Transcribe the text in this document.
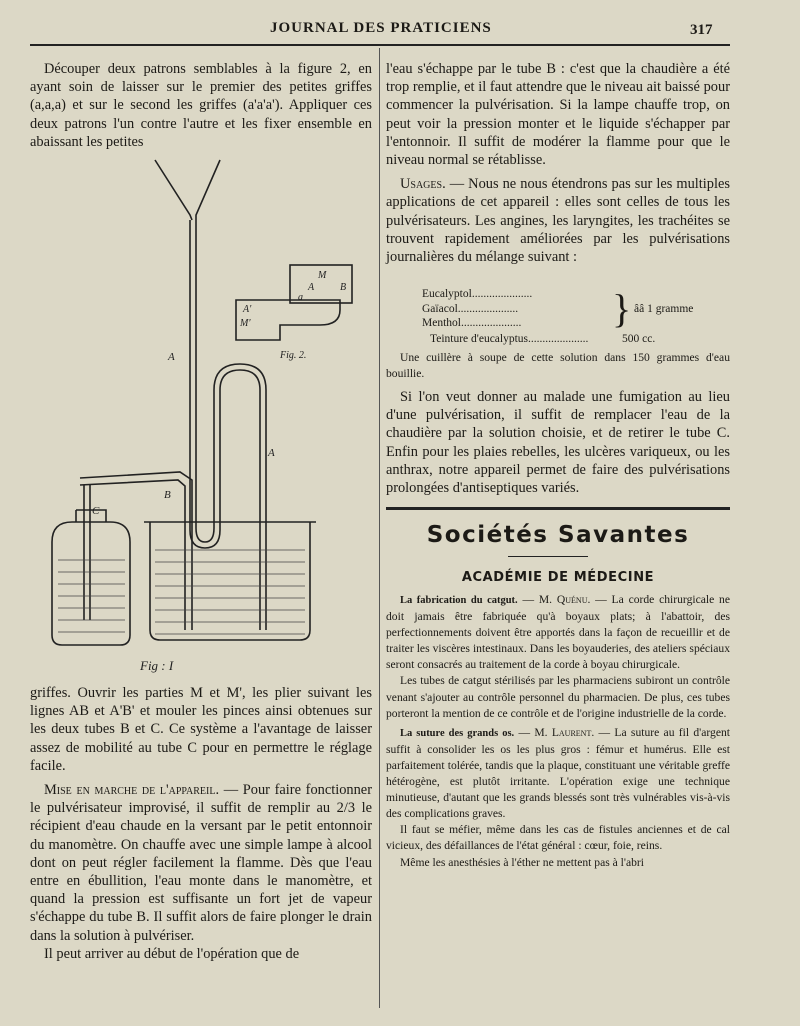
JOURNAL DES PRATICIENS	317

Découper deux patrons semblables à la figure 2, en ayant soin de laisser sur le premier des petites griffes (a,a,a) et sur le second les griffes (a'a'a'). Appliquer ces deux patrons l'un contre l'autre et les fixer ensemble en abaissant les petites

M
A	B
a
A'
M'
Fig. 2.
A
A
B
C
Fig : I

griffes. Ouvrir les parties M et M', les plier suivant les lignes AB et A'B' et mouler les pinces ainsi obtenues sur les deux tubes B et C. Ce système a l'avantage de laisser assez de mobilité au tube C pour en permettre le réglage facile.

Mise en marche de l'appareil. — Pour faire fonctionner le pulvérisateur improvisé, il suffit de remplir au 2/3 le récipient d'eau chaude en la versant par le petit entonnoir du manomètre. On chauffe avec une simple lampe à alcool dont on peut régler facilement la flamme. Dès que l'eau entre en ébullition, l'eau monte dans le manomètre, et quand la pression est suffisante un fort jet de vapeur s'échappe du tube B. Il suffit alors de faire plonger le drain dans la solution à pulvériser.

Il peut arriver au début de l'opération que de

l'eau s'échappe par le tube B : c'est que la chaudière a été trop remplie, et il faut attendre que le niveau ait baissé pour commencer la pulvérisation. Si la lampe chauffe trop, on peut voir la pression monter et le liquide s'échapper par l'entonnoir. Il suffit de modérer la flamme pour que le niveau normal se rétablisse.

Usages. — Nous ne nous étendrons pas sur les multiples applications de cet appareil : elles sont celles de tous les pulvérisateurs. Les angines, les laryngites, les trachéites se trouvent rapidement améliorées par les pulvérisations journalières du mélange suivant :

Eucalyptol.....................
Gaïacol.....................
Menthol..................... } ââ 1 gramme
Teinture d'eucalyptus.....................	500 cc.

Une cuillère à soupe de cette solution dans 150 grammes d'eau bouillie.

Si l'on veut donner au malade une fumigation au lieu d'une pulvérisation, il suffit de remplacer l'eau de la chaudière par la solution choisie, et de retirer le tube C. Enfin pour les plaies rebelles, les ulcères variqueux, ou les anthrax, notre appareil permet de faire des pulvérisations prolongées d'antiseptiques variés.

Sociétés Savantes
ACADÉMIE DE MÉDECINE

La fabrication du catgut. — M. Quénu. — La corde chirurgicale ne doit jamais être fabriquée qu'à boyaux plats; à l'abattoir, des perfectionnements doivent être apportés dans la façon de recueillir et de traiter les viscères intestinaux. Dans les boyauderies, des ateliers spéciaux seront consacrés au traitement de la corde à boyau chirurgicale.

Les tubes de catgut stérilisés par les pharmaciens subiront un contrôle venant s'ajouter au contrôle personnel du pharmacien. De plus, ces tubes porteront la mention de ce contrôle et de l'origine industrielle de la corde.

La suture des grands os. — M. Laurent. — La suture au fil d'argent suffit à consolider les os les plus gros : fémur et humérus. Elle est parfaitement tolérée, tandis que la plaque, constituant une véritable greffe hétérogène, est plutôt irritante. L'opération exige une technique minutieuse, d'autant que les grands blessés sont très vulnérables vis-à-vis des complications graves.

Il faut se méfier, même dans les cas de fistules anciennes et de cal vicieux, des défaillances de l'état général : cœur, foie, reins.

Même les anesthésies à l'éther ne mettent pas à l'abri
